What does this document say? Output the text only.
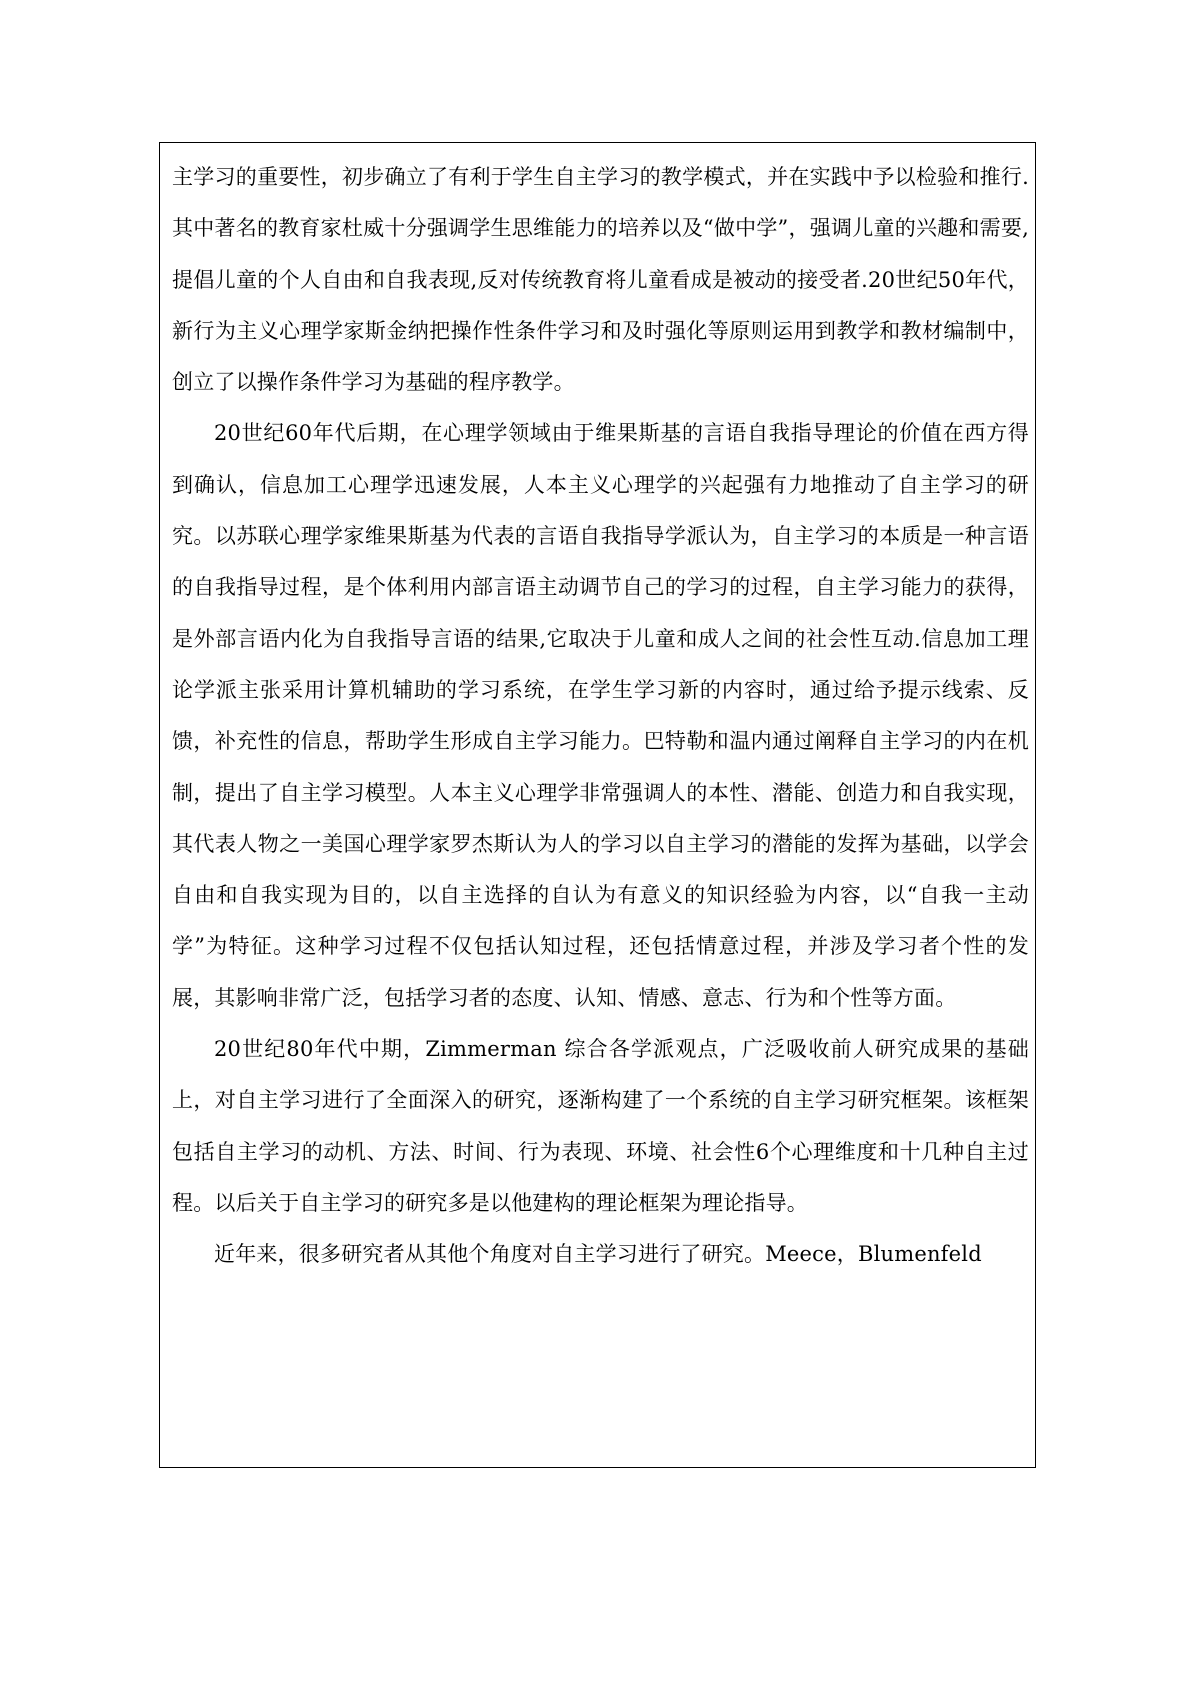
主学习的重要性，初步确立了有利于学生自主学习的教学模式，并在实践中予以检验和推行.其中著名的教育家杜威十分强调学生思维能力的培养以及“做中学”，强调儿童的兴趣和需要,提倡儿童的个人自由和自我表现,反对传统教育将儿童看成是被动的接受者.20世纪50年代，新行为主义心理学家斯金纳把操作性条件学习和及时强化等原则运用到教学和教材编制中，创立了以操作条件学习为基础的程序教学。

20世纪60年代后期，在心理学领域由于维果斯基的言语自我指导理论的价值在西方得到确认，信息加工心理学迅速发展，人本主义心理学的兴起强有力地推动了自主学习的研究。以苏联心理学家维果斯基为代表的言语自我指导学派认为，自主学习的本质是一种言语的自我指导过程，是个体利用内部言语主动调节自己的学习的过程，自主学习能力的获得，是外部言语内化为自我指导言语的结果,它取决于儿童和成人之间的社会性互动.信息加工理论学派主张采用计算机辅助的学习系统，在学生学习新的内容时，通过给予提示线索、反馈，补充性的信息，帮助学生形成自主学习能力。巴特勒和温内通过阐释自主学习的内在机制，提出了自主学习模型。人本主义心理学非常强调人的本性、潜能、创造力和自我实现，其代表人物之一美国心理学家罗杰斯认为人的学习以自主学习的潜能的发挥为基础，以学会自由和自我实现为目的，以自主选择的自认为有意义的知识经验为内容，以“自我一主动学”为特征。这种学习过程不仅包括认知过程，还包括情意过程，并涉及学习者个性的发展，其影响非常广泛，包括学习者的态度、认知、情感、意志、行为和个性等方面。

20世纪80年代中期，Zimmerman 综合各学派观点，广泛吸收前人研究成果的基础上，对自主学习进行了全面深入的研究，逐渐构建了一个系统的自主学习研究框架。该框架包括自主学习的动机、方法、时间、行为表现、环境、社会性6个心理维度和十几种自主过程。以后关于自主学习的研究多是以他建构的理论框架为理论指导。

近年来，很多研究者从其他个角度对自主学习进行了研究。Meece，Blumenfeld
